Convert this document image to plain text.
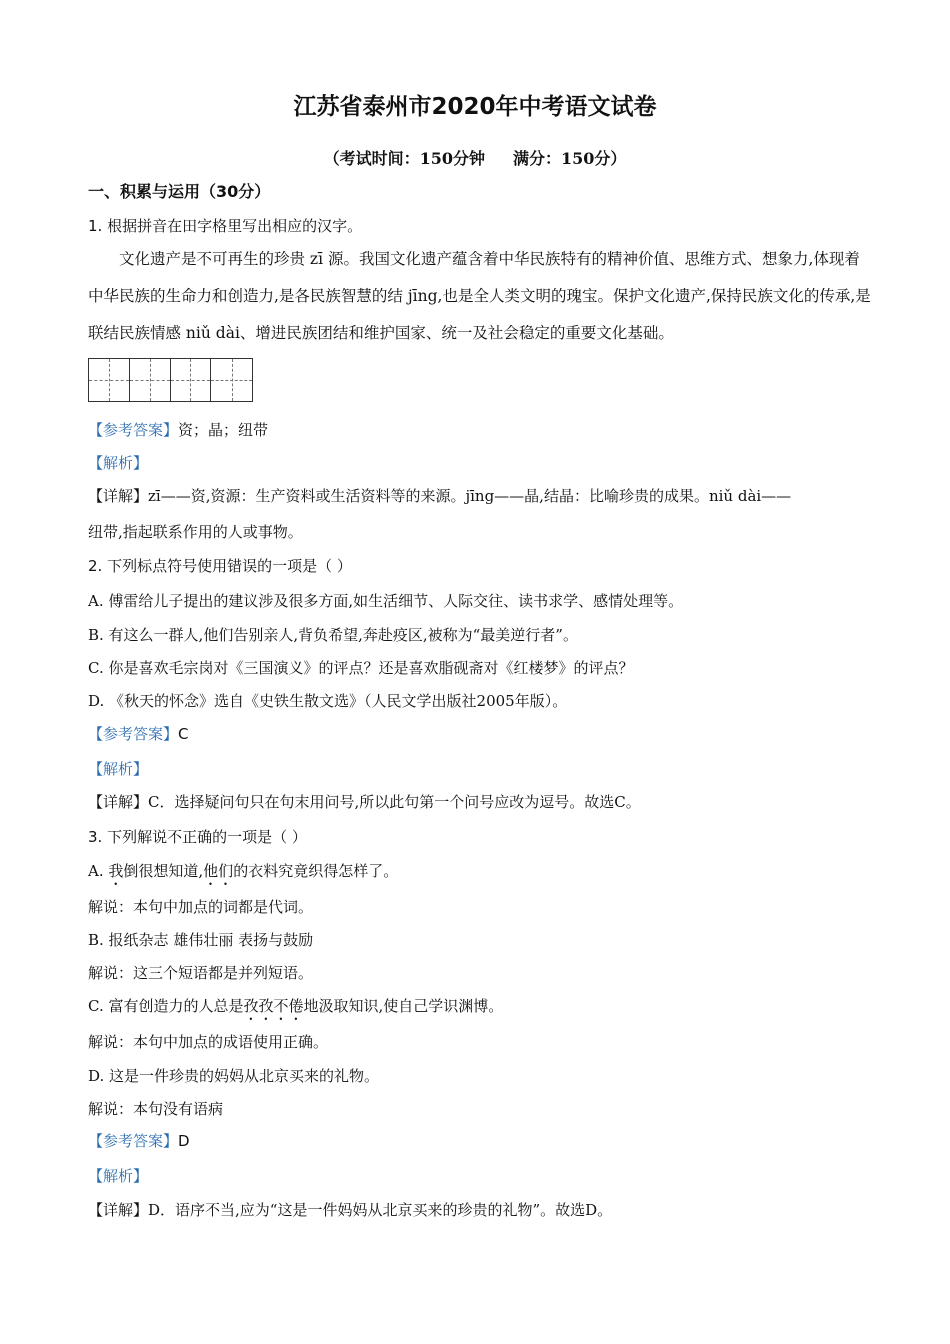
江苏省泰州市2020年中考语文试卷
（考试时间：150分钟 满分：150分）
一、积累与运用（30分）
1. 根据拼音在田字格里写出相应的汉字。
文化遗产是不可再生的珍贵 zī 源。我国文化遗产蕴含着中华民族特有的精神价值、思维方式、想象力,体现着中华民族的生命力和创造力,是各民族智慧的结 jīng,也是全人类文明的瑰宝。保护文化遗产,保持民族文化的传承,是联结民族情感 niǔ dài、增进民族团结和维护国家、统一及社会稳定的重要文化基础。
【参考答案】资；晶；纽带
【解析】
【详解】zī——资,资源：生产资料或生活资料等的来源。jīng——晶,结晶：比喻珍贵的成果。niǔ dài——
纽带,指起联系作用的人或事物。
2. 下列标点符号使用错误的一项是（ ）
A. 傅雷给儿子提出的建议涉及很多方面,如生活细节、人际交往、读书求学、感情处理等。
B. 有这么一群人,他们告别亲人,背负希望,奔赴疫区,被称为“最美逆行者”。
C. 你是喜欢毛宗岗对《三国演义》的评点？还是喜欢脂砚斋对《红楼梦》的评点？
D. 《秋天的怀念》选自《史铁生散文选》（人民文学出版社2005年版）。
【参考答案】C
【解析】
【详解】C．选择疑问句只在句末用问号,所以此句第一个问号应改为逗号。故选C。
3. 下列解说不正确的一项是（ ）
A. 我倒很想知道,他们的衣料究竟织得怎样了。
解说：本句中加点的词都是代词。
B. 报纸杂志 雄伟壮丽 表扬与鼓励
解说：这三个短语都是并列短语。
C. 富有创造力的人总是孜孜不倦地汲取知识,使自己学识渊博。
解说：本句中加点的成语使用正确。
D. 这是一件珍贵的妈妈从北京买来的礼物。
解说：本句没有语病
【参考答案】D
【解析】
【详解】D．语序不当,应为“这是一件妈妈从北京买来的珍贵的礼物”。故选D。
